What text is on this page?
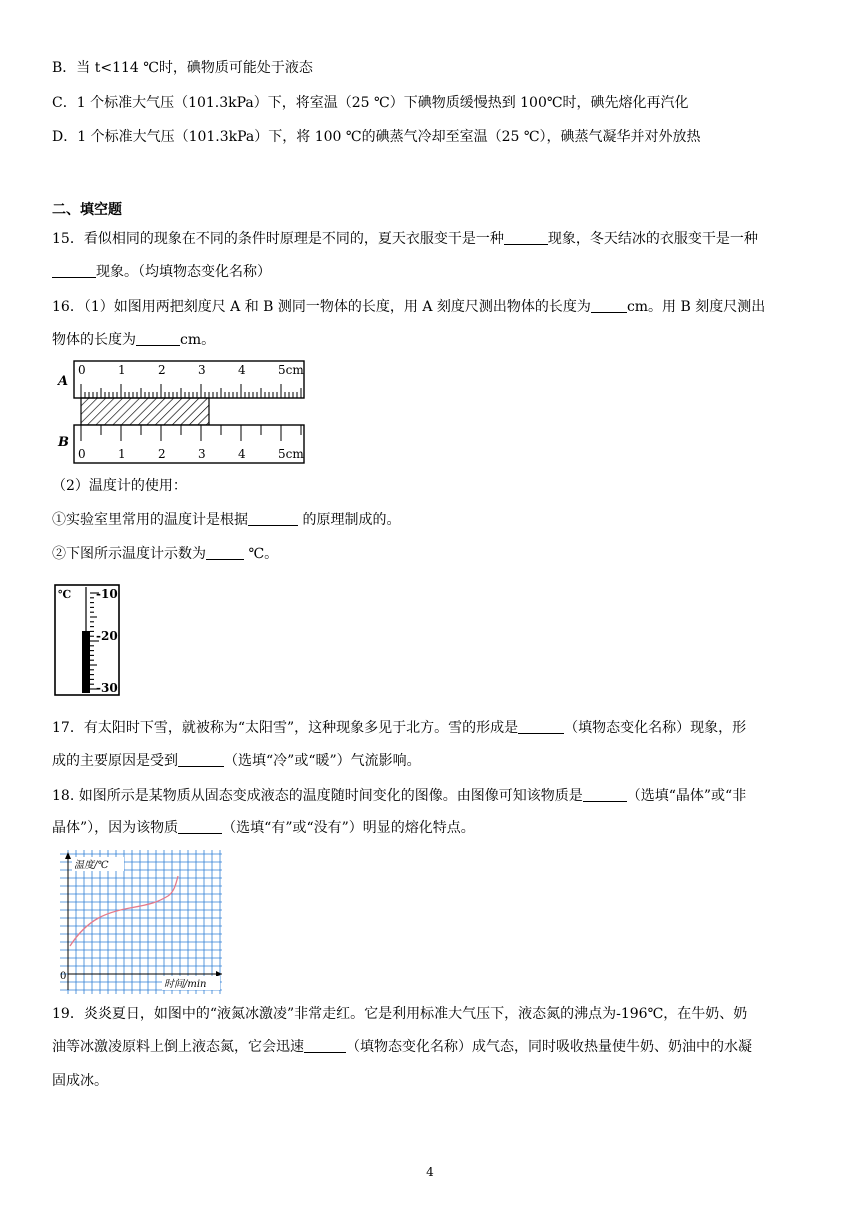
B．当 t<114 ℃时，碘物质可能处于液态
C．1 个标准大气压（101.3kPa）下，将室温（25 ℃）下碘物质缓慢热到 100℃时，碘先熔化再汽化
D．1 个标准大气压（101.3kPa）下，将 100 ℃的碘蒸气冷却至室温（25 ℃），碘蒸气凝华并对外放热
二、填空题
15．看似相同的现象在不同的条件时原理是不同的，夏天衣服变干是一种	现象，冬天结冰的衣服变干是一种
现象。（均填物态变化名称）
16．（1）如图用两把刻度尺 A 和 B 测同一物体的长度，用 A 刻度尺测出物体的长度为	cm。用 B 刻度尺测出
物体的长度为	cm。
A
B
0	1	2	3	4	5cm
0	1	2	3	4	5cm
（2）温度计的使用：
①实验室里常用的温度计是根据	的原理制成的。
②下图所示温度计示数为	℃。
℃ -10
-20
-30
17．有太阳时下雪，就被称为“太阳雪”，这种现象多见于北方。雪的形成是	（填物态变化名称）现象，形
成的主要原因是受到	（选填“冷”或“暖”）气流影响。
18. 如图所示是某物质从固态变成液态的温度随时间变化的图像。由图像可知该物质是	（选填“晶体”或“非
晶体”），因为该物质	（选填“有”或“没有”）明显的熔化特点。
温度/℃
0
时间/min
19．炎炎夏日，如图中的“液氮冰激凌”非常走红。它是利用标准大气压下，液态氮的沸点为-196℃，在牛奶、奶
油等冰激凌原料上倒上液态氮，它会迅速	（填物态变化名称）成气态，同时吸收热量使牛奶、奶油中的水凝
固成冰。
4
